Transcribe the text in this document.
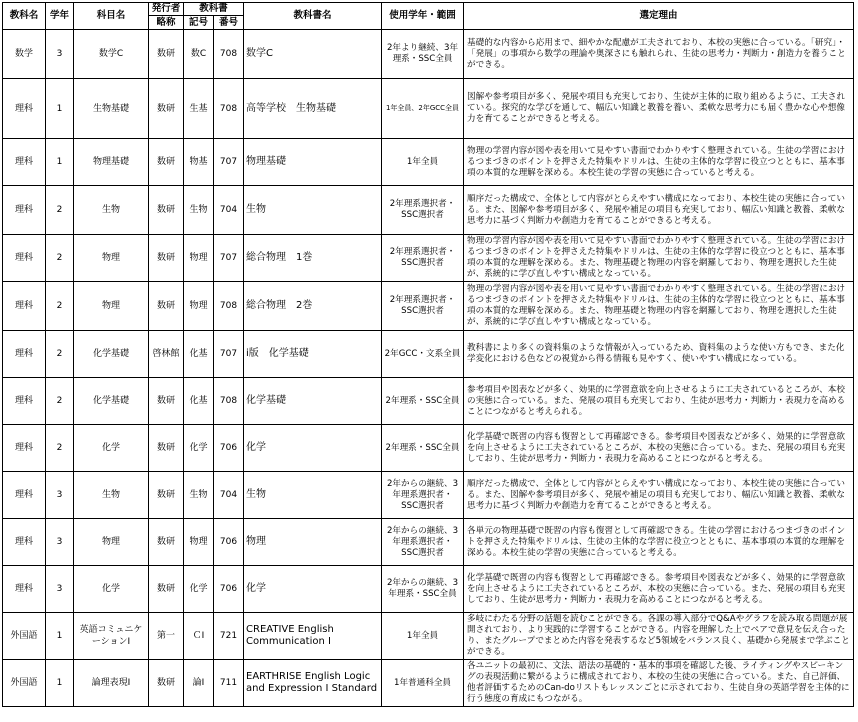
教科名	学年	科目名	発行者	教科書		教科書名	使用学年・範囲	選定理由
			略称	記号	番号			
数学	3	数学C	数研	数C	708	数学C	2年より継続、3年理系・SSC全員	基礎的な内容から応用まで、細やかな配慮が工夫されており、本校の実態に合っている。「研究」・「発展」の事項から数学の理論や奥深さにも触れられ、生徒の思考力・判断力・創造力を養うことができる。
理科	1	生物基礎	数研	生基	708	高等学校　生物基礎	1年全員、2年GCC全員	図解や参考項目が多く、発展や項目も充実しており、生徒が主体的に取り組めるように、工夫されている。探究的な学びを通して、幅広い知識と教養を養い、柔軟な思考力にも届く豊かな心や想像力を育てることができると考える。
理科	1	物理基礎	数研	物基	707	物理基礎	1年全員	物理の学習内容が図や表を用いて見やすい書面でわかりやすく整理されている。生徒の学習におけるつまづきのポイントを押さえた特集やドリルは、生徒の主体的な学習に役立つとともに、基本事項の本質的な理解を深める。本校生徒の学習の実態に合っていると考える。
理科	2	生物	数研	生物	704	生物	2年理系選択者・SSC選択者	順序だった構成で、全体として内容がとらえやすい構成になっており、本校生徒の実態に合っている。また、図解や参考項目が多く、発展や補足の項目も充実しており、幅広い知識と教養、柔軟な思考力に基づく判断力や創造力を育てることができると考える。
理科	2	物理	数研	物理	707	総合物理　1巻	2年理系選択者・SSC選択者	物理の学習内容が図や表を用いて見やすい書面でわかりやすく整理されている。生徒の学習におけるつまづきのポイントを押さえた特集やドリルは、生徒の主体的な学習に役立つとともに、基本事項の本質的な理解を深める。また、物理基礎と物理の内容を網羅しており、物理を選択した生徒が、系統的に学び直しやすい構成となっている。
理科	2	物理	数研	物理	708	総合物理　2巻	2年理系選択者・SSC選択者	物理の学習内容が図や表を用いて見やすい書面でわかりやすく整理されている。生徒の学習におけるつまづきのポイントを押さえた特集やドリルは、生徒の主体的な学習に役立つとともに、基本事項の本質的な理解を深める。また、物理基礎と物理の内容を網羅しており、物理を選択した生徒が、系統的に学び直しやすい構成となっている。
理科	2	化学基礎	啓林館	化基	707	i版　化学基礎	2年GCC・文系全員	教科書により多くの資料集のような情報が入っているため、資料集のような使い方もでき、また化学変化における色などの視覚から得る情報も見やすく、使いやすい構成になっている。
理科	2	化学基礎	数研	化基	708	化学基礎	2年理系・SSC全員	参考項目や図表などが多く、効果的に学習意欲を向上させるように工夫されているところが、本校の実態に合っている。また、発展の項目も充実しており、生徒が思考力・判断力・表現力を高めることにつながると考えられる。
理科	2	化学	数研	化学	706	化学	2年理系・SSC全員	化学基礎で既習の内容も復習として再確認できる。参考項目や図表などが多く、効果的に学習意欲を向上させるように工夫されているところが、本校の実態に合っている。また、発展の項目も充実しており、生徒が思考力・判断力・表現力を高めることにつながると考える。
理科	3	生物	数研	生物	704	生物	2年からの継続、3年理系選択者・SSC選択者	順序だった構成で、全体として内容がとらえやすい構成になっており、本校生徒の実態に合っている。また、図解や参考項目が多く、発展や補足の項目も充実しており、幅広い知識と教養、柔軟な思考力に基づく判断力や創造力を育てることができると考える。
理科	3	物理	数研	物理	706	物理	2年からの継続、3年理系選択者・SSC選択者	各単元の物理基礎で既習の内容も復習として再確認できる。生徒の学習におけるつまづきのポイントを押さえた特集やドリルは、生徒の主体的な学習に役立つとともに、基本事項の本質的な理解を深める。本校生徒の学習の実態に合っていると考える。
理科	3	化学	数研	化学	706	化学	2年からの継続、3年理系・SSC全員	化学基礎で既習の内容も復習として再確認できる。参考項目や図表などが多く、効果的に学習意欲を向上させるように工夫されているところが、本校の実態に合っている。また、発展の項目も充実しており、生徒が思考力・判断力・表現力を高めることにつながると考える。
外国語	1	英語コミュニケーションⅠ	第一	ＣⅠ	721	CREATIVE English Communication Ⅰ	1年全員	多岐にわたる分野の話題を読むことができる。各課の導入部分でQ&Aやグラフを読み取る問題が展開されており、より実践的に学習することができる。内容を理解した上でペアで意見を伝え合ったり、またグループでまとめた内容を発表するなど5領域をバランス良く、基礎から発展まで学ぶことができる。
外国語	1	論理表現Ⅰ	数研	論Ⅰ	711	EARTHRISE English Logic and Expression Ⅰ Standard	1年普通科全員	各ユニットの最初に、文法、語法の基礎的・基本的事項を確認した後、ライティングやスピーキングの表現活動に繋がるように構成されており、本校の生徒の実態に合っている。また、自己評価、他者評価するためのCan-doリストもレッスンごとに示されており、生徒自身の英語学習を主体的に行う態度の育成にもつながる。
